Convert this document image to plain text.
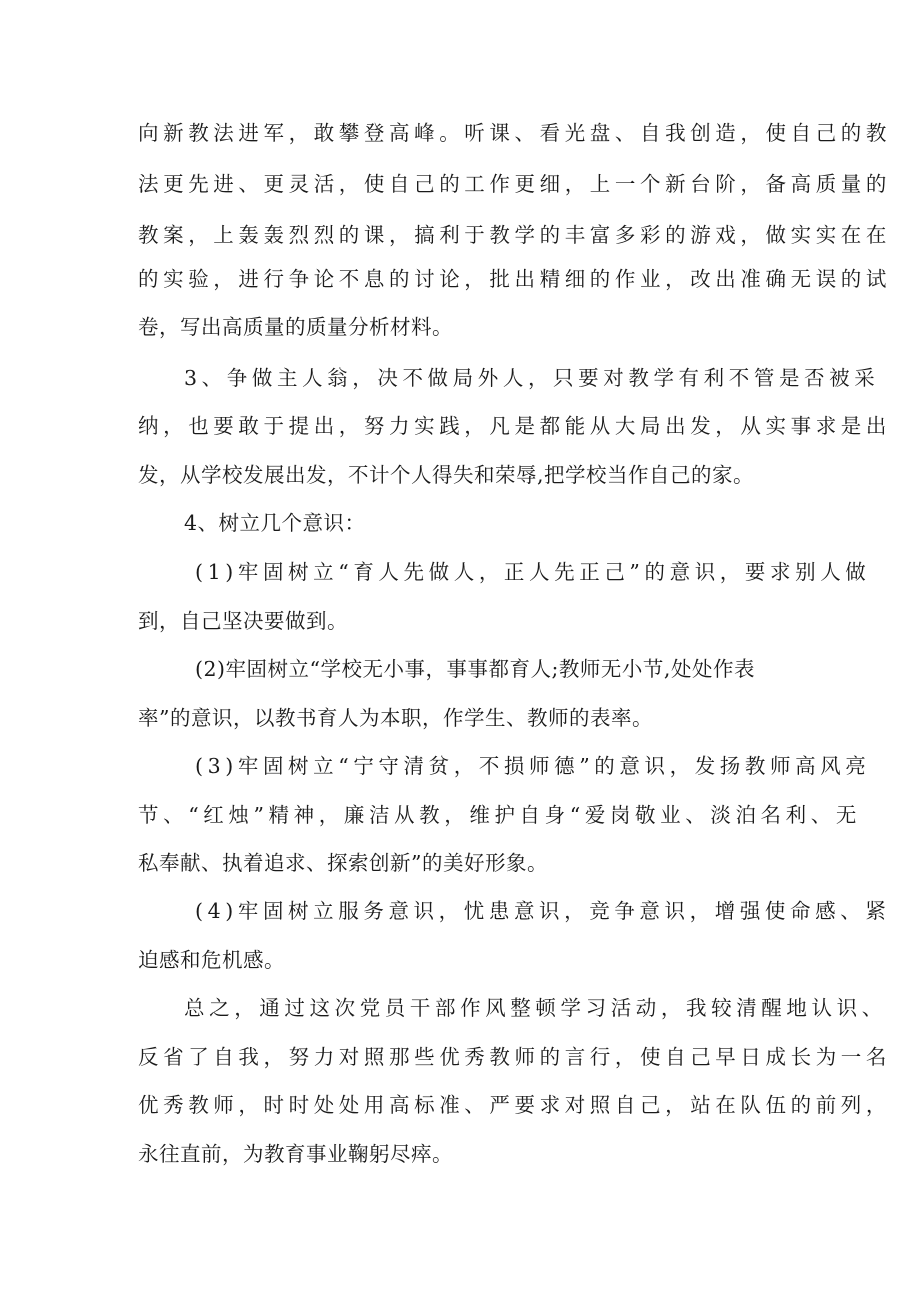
向新教法进军，敢攀登高峰。听课、看光盘、自我创造，使自己的教
法更先进、更灵活，使自己的工作更细，上一个新台阶，备高质量的
教案，上轰轰烈烈的课，搞利于教学的丰富多彩的游戏，做实实在在
的实验，进行争论不息的讨论，批出精细的作业，改出准确无误的试
卷，写出高质量的质量分析材料。
3、争做主人翁，决不做局外人，只要对教学有利不管是否被采
纳，也要敢于提出，努力实践，凡是都能从大局出发，从实事求是出
发，从学校发展出发，不计个人得失和荣辱,把学校当作自己的家。
4、树立几个意识：
(1)牢固树立“育人先做人，正人先正己”的意识，要求别人做
到，自己坚决要做到。
(2)牢固树立“学校无小事，事事都育人;教师无小节,处处作表
率”的意识，以教书育人为本职，作学生、教师的表率。
(3)牢固树立“宁守清贫，不损师德”的意识，发扬教师高风亮
节、“红烛”精神，廉洁从教，维护自身“爱岗敬业、淡泊名利、无
私奉献、执着追求、探索创新”的美好形象。
(4)牢固树立服务意识，忧患意识，竞争意识，增强使命感、紧
迫感和危机感。
总之，通过这次党员干部作风整顿学习活动，我较清醒地认识、
反省了自我，努力对照那些优秀教师的言行，使自己早日成长为一名
优秀教师，时时处处用高标准、严要求对照自己，站在队伍的前列，
永往直前，为教育事业鞠躬尽瘁。
